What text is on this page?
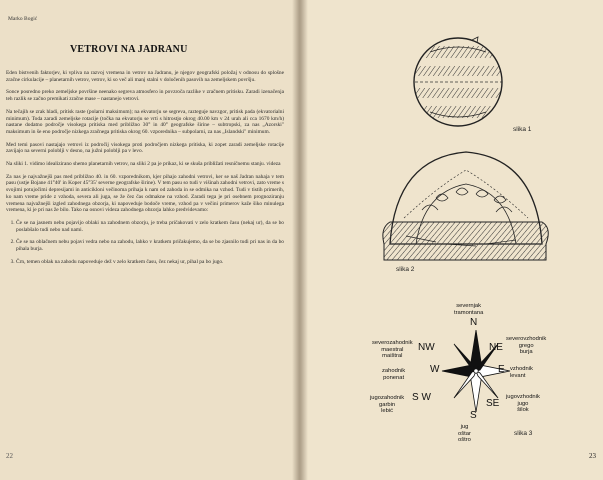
Marko Bogić
VETROVI NA JADRANU

Eden bistvenih faktorjev, ki vpliva na razvoj vremena in vetrov na Jadranu, je njegov geografski položaj v odnosu do splošne zračne cirkulacije – planetarnih vetrov, vetrov, ki so več ali manj stalni v določenih pasovih na zemeljskem površju.

Sonce posredno preko zemeljske površine neenako segreva atmosfero in povzroča razlike v zračnem pritisku. Zaradi izenačenja teh razlik se začno premikati zračne mase – nastanejo vetrovi.

Na tečajih se zrak hladi, pritisk raste (polarni maksimum); na ekvatorju se segreva, razteguje navzgor, pritisk pada (ekvatorialni minimum). Toda zaradi zemeljske rotacije (točka na ekvatorju se vrti s hitrostjo okrog 40.00 km v 24 urah ali cca 1670 km/h) nastane dodatno področje visokega pritiska med približno 30° in 40° geografske širine – subtropski, za nas „Azorski" maksimum in še eno področje nizkega zračnega pritiska okrog 60. vzporednika – subpolarni, za nas „Islandski" minimum.

Med temi pasovi nastajajo vetrovi iz področij visokega proti področjem nizkega pritiska, ki zopet zaradi zemeljske rotacije zavijajo na severni poloblji v desno, na južni poloblji pa v levo.

Na sliki 1. vidimo idealizirano shemo planetarnih vetrov, na sliki 2 pa je prikaz, ki se skuša približati resničnemu stanju. videza

Za nas je najvažnejši pas med približno 40. in 60. vzporednikom, kjer pihajo zahodni vetrovi, ker se naš Jadran nahaja v tem pasu (ustje Bojane 41°40' in Koper 45°35' severne geografske širine). V tem pasu so tudi v višinah zahodni vetrovi, zato vreme s svojimi potujočimi depresijami in anticikloni večinoma prihaja k nam od zahoda in se odmika na vzhod. Tudi v tistih primerih, ko nam vreme pride z vzhoda, severa ali juga, se že čez čas odmakne na vzhod. Zaradi tega je pri osebnem prognoziranju vremena najvažnejši izgled zahodnega obzorja, ki napoveduje bodoče vreme, vzhod pa v večini primerov kaže šiko minulega vremena, ki je pri nas že bilo. Tako na osnovi videza zahodnega obzorja lahko predvidevamo:

1. Če se na jasnem nebu pojavijo oblaki na zahodnem obzorju, je treba pričakovati v zelo kratkem času (nekaj ur), da se bo poslabšalo tudi nebo nad nami.
2. Če se na oblačnem nebu pojavi vedra nebo na zahodu, lahko v kratkem pričakujemo, da se bo zjasnilo tudi pri nas in da bo pihala burja.
3. Črn, temen oblak na zahodu napoveduje dež v zelo kratkem času, čez nekaj ur, pihal pa bo jugo.
22
slika 1
slika 2
N
NE
E
SE
S
S W
W
NW
severnjak
tramontana
severovzhodnik
grego
burja
vzhodnik
levant
jugovzhodnik
jugo
šilok
jug
oštar
oštro
jugozahodnik
garbin
lebić
zahodnik
ponenat
severozahodnik
maestral
maištral
slika 3
23
